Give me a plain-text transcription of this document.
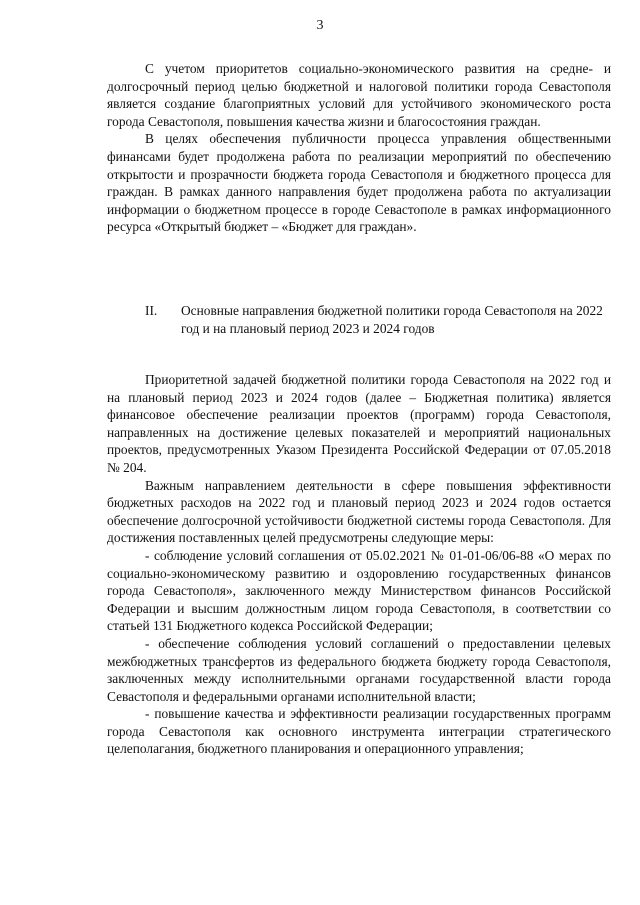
3

С учетом приоритетов социально-экономического развития на средне- и долгосрочный период целью бюджетной и налоговой политики города Севастополя является создание благоприятных условий для устойчивого экономического роста города Севастополя, повышения качества жизни и благосостояния граждан.

В целях обеспечения публичности процесса управления общественными финансами будет продолжена работа по реализации мероприятий по обеспечению открытости и прозрачности бюджета города Севастополя и бюджетного процесса для граждан. В рамках данного направления будет продолжена работа по актуализации информации о бюджетном процессе в городе Севастополе в рамках информационного ресурса «Открытый бюджет – «Бюджет для граждан».

II.	Основные направления бюджетной политики города Севастополя на 2022 год и на плановый период 2023 и 2024 годов

Приоритетной задачей бюджетной политики города Севастополя на 2022 год и на плановый период 2023 и 2024 годов (далее – Бюджетная политика) является финансовое обеспечение реализации проектов (программ) города Севастополя, направленных на достижение целевых показателей и мероприятий национальных проектов, предусмотренных Указом Президента Российской Федерации от 07.05.2018 № 204.

Важным направлением деятельности в сфере повышения эффективности бюджетных расходов на 2022 год и плановый период 2023 и 2024 годов остается обеспечение долгосрочной устойчивости бюджетной системы города Севастополя. Для достижения поставленных целей предусмотрены следующие меры:

- соблюдение условий соглашения от 05.02.2021 № 01-01-06/06-88 «О мерах по социально-экономическому развитию и оздоровлению государственных финансов города Севастополя», заключенного между Министерством финансов Российской Федерации и высшим должностным лицом города Севастополя, в соответствии со статьей 131 Бюджетного кодекса Российской Федерации;

- обеспечение соблюдения условий соглашений о предоставлении целевых межбюджетных трансфертов из федерального бюджета бюджету города Севастополя, заключенных между исполнительными органами государственной власти города Севастополя и федеральными органами исполнительной власти;

- повышение качества и эффективности реализации государственных программ города Севастополя как основного инструмента интеграции стратегического целеполагания, бюджетного планирования и операционного управления;
